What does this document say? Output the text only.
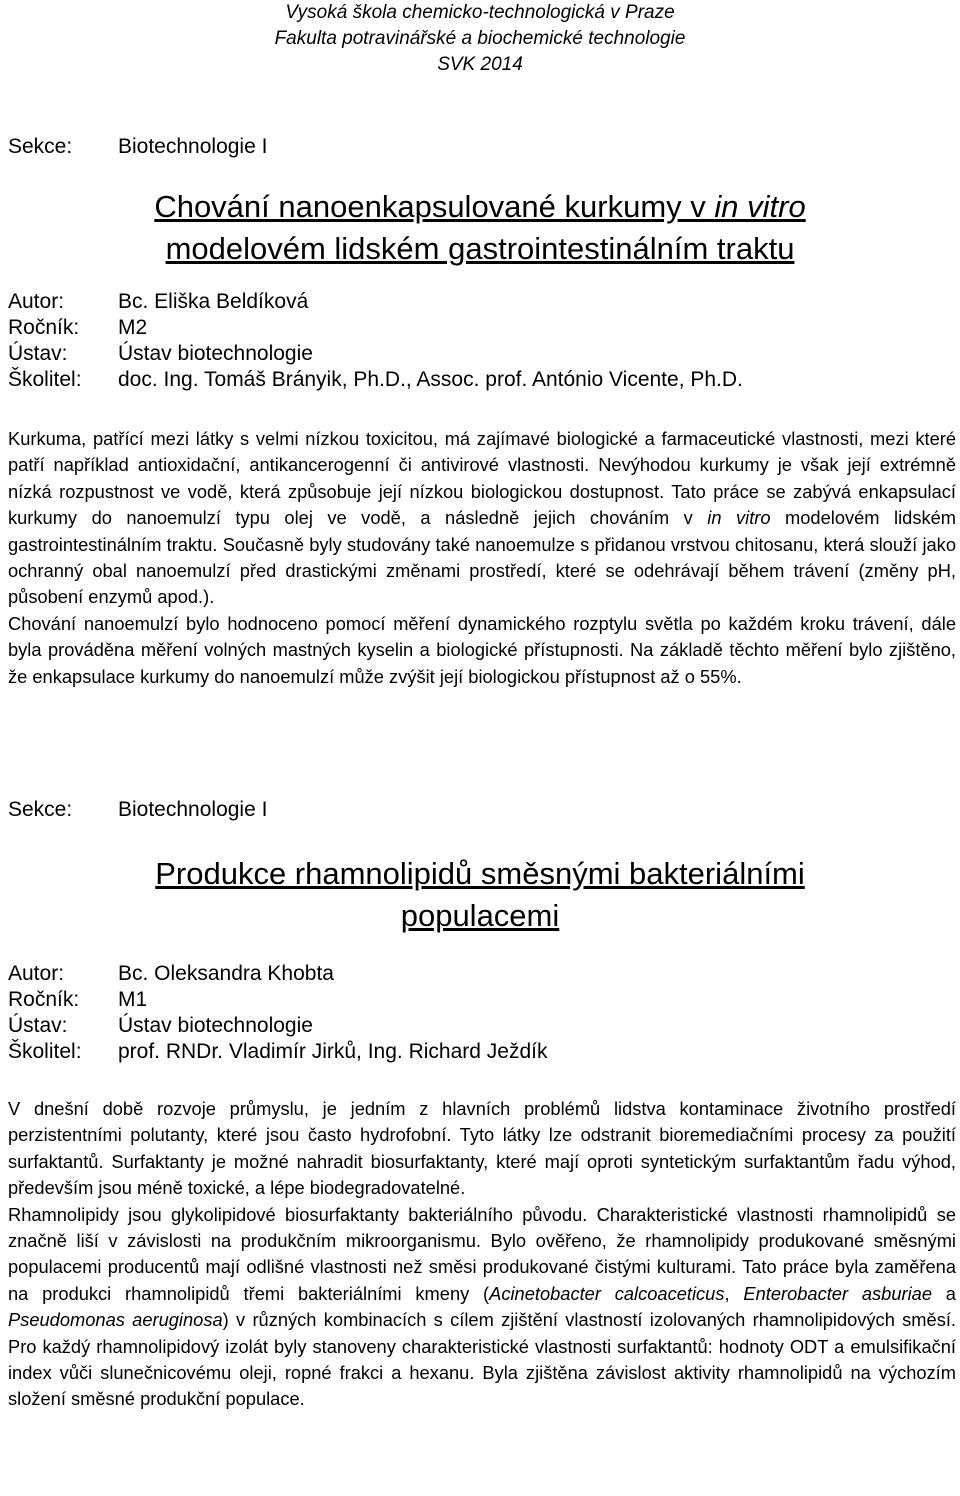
Vysoká škola chemicko-technologická v Praze
Fakulta potravinářské a biochemické technologie
SVK 2014
Sekce: Biotechnologie I
Chování nanoenkapsulované kurkumy v in vitro
modelovém lidském gastrointestinálním traktu
Autor:	Bc. Eliška Beldíková
Ročník: M2
Ústav: Ústav biotechnologie
Školitel: doc. Ing. Tomáš Brányik, Ph.D., Assoc. prof. António Vicente, Ph.D.

Kurkuma, patřící mezi látky s velmi nízkou toxicitou, má zajímavé biologické a farmaceutické vlastnosti, mezi které patří například antioxidační, antikancerogenní či antivirové vlastnosti. Nevýhodou kurkumy je však její extrémně nízká rozpustnost ve vodě, která způsobuje její nízkou biologickou dostupnost. Tato práce se zabývá enkapsulací kurkumy do nanoemulzí typu olej ve vodě, a následně jejich chováním v in vitro modelovém lidském gastrointestinálním traktu. Současně byly studovány také nanoemulze s přidanou vrstvou chitosanu, která slouží jako ochranný obal nanoemulzí před drastickými změnami prostředí, které se odehrávají během trávení (změny pH, působení enzymů apod.).

Chování nanoemulzí bylo hodnoceno pomocí měření dynamického rozptylu světla po každém kroku trávení, dále byla prováděna měření volných mastných kyselin a biologické přístupnosti. Na základě těchto měření bylo zjištěno, že enkapsulace kurkumy do nanoemulzí může zvýšit její biologickou přístupnost až o 55%.

Sekce: Biotechnologie I
Produkce rhamnolipidů směsnými bakteriálními
populacemi
Autor:	Bc. Oleksandra Khobta
Ročník: M1
Ústav: Ústav biotechnologie
Školitel: prof. RNDr. Vladimír Jirků, Ing. Richard Ježdík

V dnešní době rozvoje průmyslu, je jedním z hlavních problémů lidstva kontaminace životního prostředí perzistentními polutanty, které jsou často hydrofobní. Tyto látky lze odstranit bioremediačními procesy za použití surfaktantů. Surfaktanty je možné nahradit biosurfaktanty, které mají oproti syntetickým surfaktantům řadu výhod, především jsou méně toxické, a lépe biodegradovatelné.

Rhamnolipidy jsou glykolipidové biosurfaktanty bakteriálního původu. Charakteristické vlastnosti rhamnolipidů se značně liší v závislosti na produkčním mikroorganismu. Bylo ověřeno, že rhamnolipidy produkované směsnými populacemi producentů mají odlišné vlastnosti než směsi produkované čistými kulturami. Tato práce byla zaměřena na produkci rhamnolipidů třemi bakteriálními kmeny (Acinetobacter calcoaceticus, Enterobacter asburiae a Pseudomonas aeruginosa) v různých kombinacích s cílem zjištění vlastností izolovaných rhamnolipidových směsí. Pro každý rhamnolipidový izolát byly stanoveny charakteristické vlastnosti surfaktantů: hodnoty ODT a emulsifikační index vůči slunečnicovému oleji, ropné frakci a hexanu. Byla zjištěna závislost aktivity rhamnolipidů na výchozím složení směsné produkční populace.
